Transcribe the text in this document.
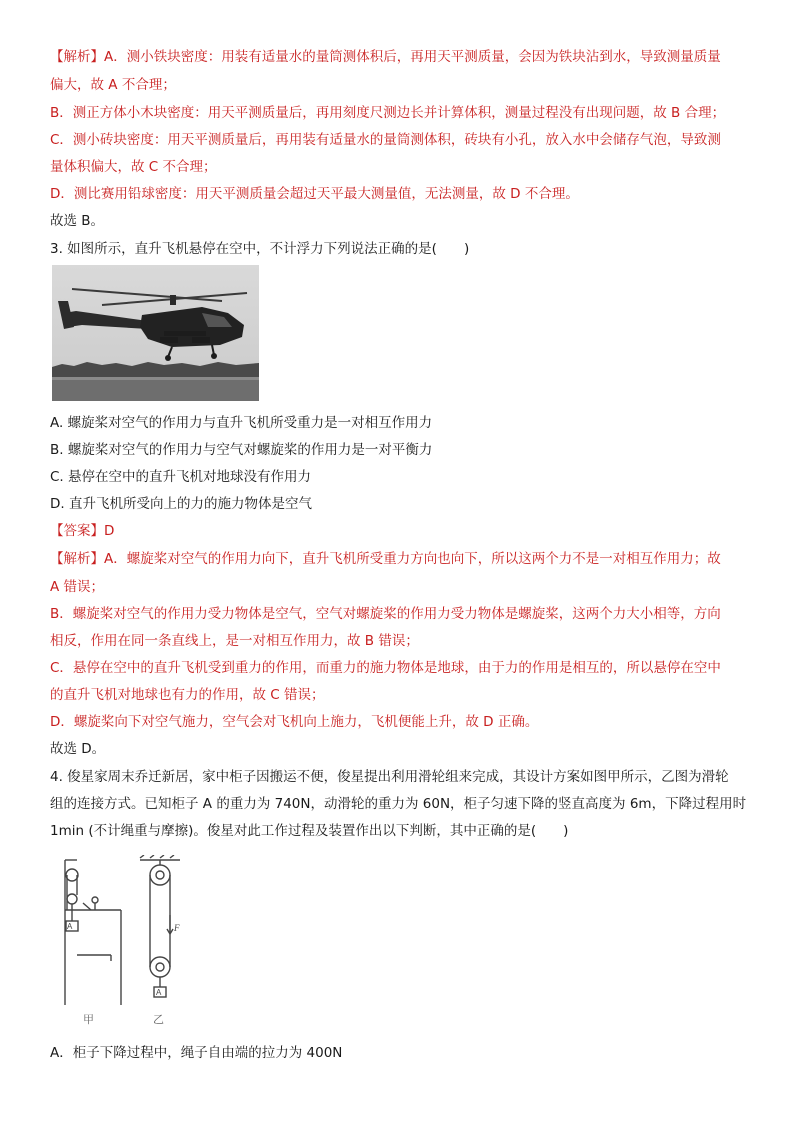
【解析】A．测小铁块密度：用装有适量水的量筒测体积后，再用天平测质量，会因为铁块沾到水，导致测量质量
偏大，故 A 不合理；
B．测正方体小木块密度：用天平测质量后，再用刻度尺测边长并计算体积，测量过程没有出现问题，故 B 合理；
C．测小砖块密度：用天平测质量后，再用装有适量水的量筒测体积，砖块有小孔，放入水中会储存气泡，导致测
量体积偏大，故 C 不合理；
D．测比赛用铅球密度：用天平测质量会超过天平最大测量值，无法测量，故 D 不合理。
故选 B。
3. 如图所示，直升飞机悬停在空中，不计浮力下列说法正确的是(　　)
A. 螺旋桨对空气的作用力与直升飞机所受重力是一对相互作用力
B. 螺旋桨对空气的作用力与空气对螺旋桨的作用力是一对平衡力
C. 悬停在空中的直升飞机对地球没有作用力
D. 直升飞机所受向上的力的施力物体是空气
【答案】D
【解析】A．螺旋桨对空气的作用力向下，直升飞机所受重力方向也向下，所以这两个力不是一对相互作用力；故
A 错误；
B．螺旋桨对空气的作用力受力物体是空气，空气对螺旋桨的作用力受力物体是螺旋桨，这两个力大小相等，方向
相反，作用在同一条直线上，是一对相互作用力，故 B 错误；
C．悬停在空中的直升飞机受到重力的作用，而重力的施力物体是地球，由于力的作用是相互的，所以悬停在空中
的直升飞机对地球也有力的作用，故 C 错误；
D．螺旋桨向下对空气施力，空气会对飞机向上施力，飞机便能上升，故 D 正确。
故选 D。
4. 俊星家周末乔迁新居，家中柜子因搬运不便，俊星提出利用滑轮组来完成，其设计方案如图甲所示，乙图为滑轮
组的连接方式。已知柜子 A 的重力为 740N，动滑轮的重力为 60N，柜子匀速下降的竖直高度为 6m，下降过程用时
1min (不计绳重与摩擦)。俊星对此工作过程及装置作出以下判断，其中正确的是(　　)
A
A
F
甲	乙
A．柜子下降过程中，绳子自由端的拉力为 400N
